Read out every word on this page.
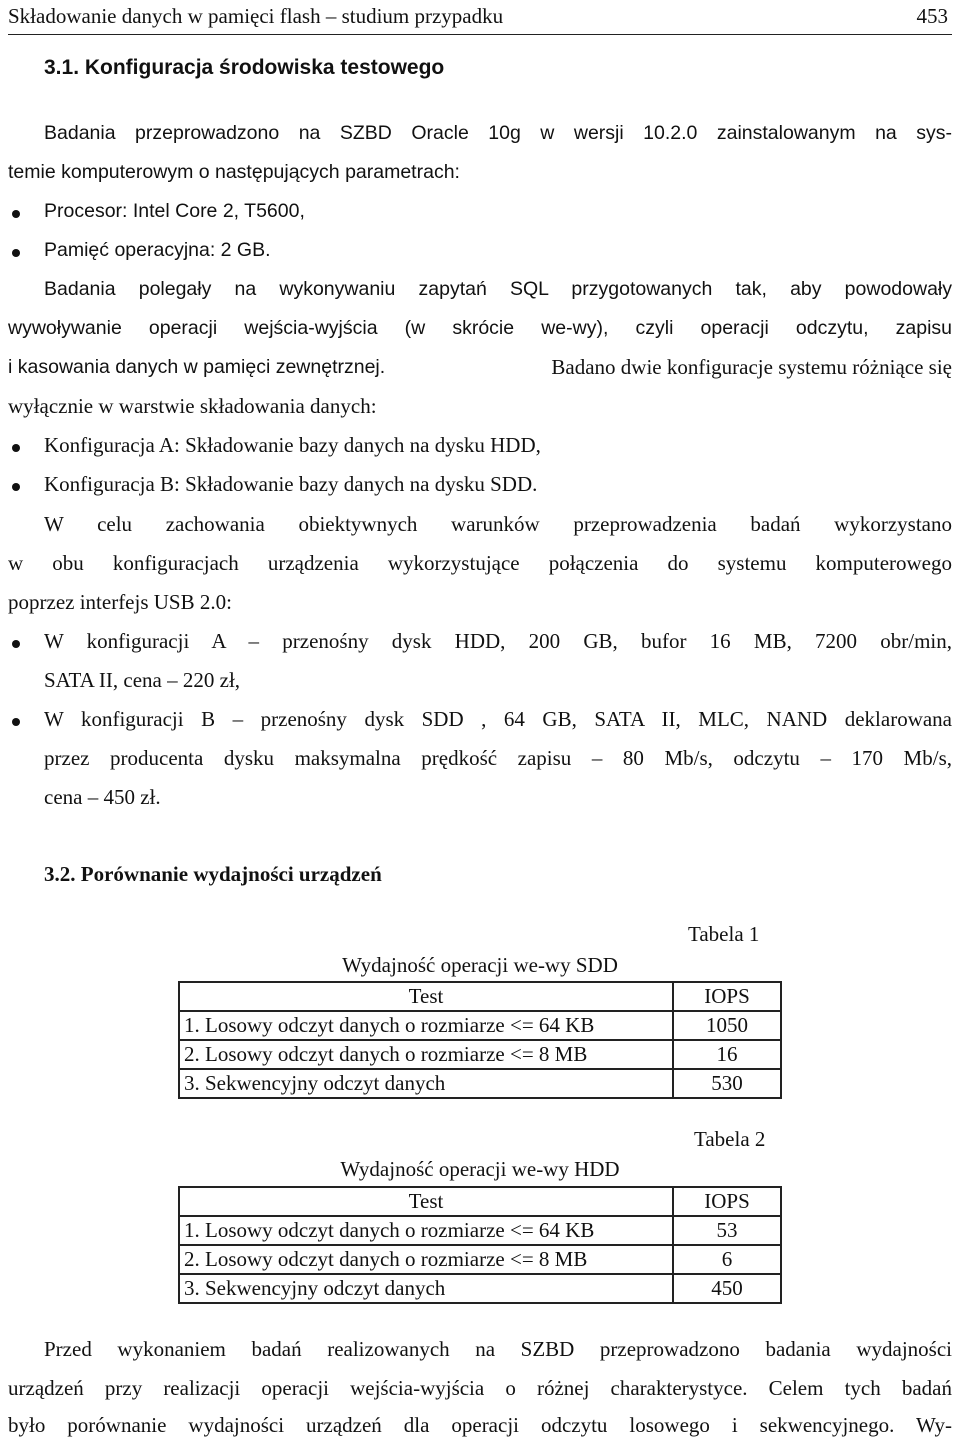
Składowanie danych w pamięci flash – studium przypadku	453
3.1. Konfiguracja środowiska testowego
Badania przeprowadzono na SZBD Oracle 10g w wersji 10.2.0 zainstalowanym na sys-
temie komputerowym o następujących parametrach:
Procesor: Intel Core 2, T5600,
Pamięć operacyjna: 2 GB.
Badania polegały na wykonywaniu zapytań SQL przygotowanych tak, aby powodowały
wywoływanie operacji wejścia-wyjścia (w skrócie we-wy), czyli operacji odczytu, zapisu
i kasowania danych w pamięci zewnętrznej.	Badano dwie konfiguracje systemu różniące się
wyłącznie w warstwie składowania danych:
Konfiguracja A: Składowanie bazy danych na dysku HDD,
Konfiguracja B: Składowanie bazy danych na dysku SDD.
W celu zachowania obiektywnych warunków przeprowadzenia badań wykorzystano
w obu konfiguracjach urządzenia wykorzystujące połączenia do systemu komputerowego
poprzez interfejs USB 2.0:
W konfiguracji A – przenośny dysk HDD, 200 GB, bufor 16 MB, 7200 obr/min,
SATA II, cena – 220 zł,
W konfiguracji B – przenośny dysk SDD , 64 GB, SATA II, MLC, NAND deklarowana
przez producenta dysku maksymalna prędkość zapisu – 80 Mb/s, odczytu – 170 Mb/s,
cena – 450 zł.
3.2. Porównanie wydajności urządzeń
Tabela 1
Wydajność operacji we-wy SDD
Test	IOPS
1. Losowy odczyt danych o rozmiarze <= 64 KB	1050
2. Losowy odczyt danych o rozmiarze <= 8 MB	16
3. Sekwencyjny odczyt danych	530
Tabela 2
Wydajność operacji we-wy HDD
Test	IOPS
1. Losowy odczyt danych o rozmiarze <= 64 KB	53
2. Losowy odczyt danych o rozmiarze <= 8 MB	6
3. Sekwencyjny odczyt danych	450
Przed wykonaniem badań realizowanych na SZBD przeprowadzono badania wydajności
urządzeń przy realizacji operacji wejścia-wyjścia o różnej charakterystyce. Celem tych badań
było porównanie wydajności urządzeń dla operacji odczytu losowego i sekwencyjnego. Wy-
